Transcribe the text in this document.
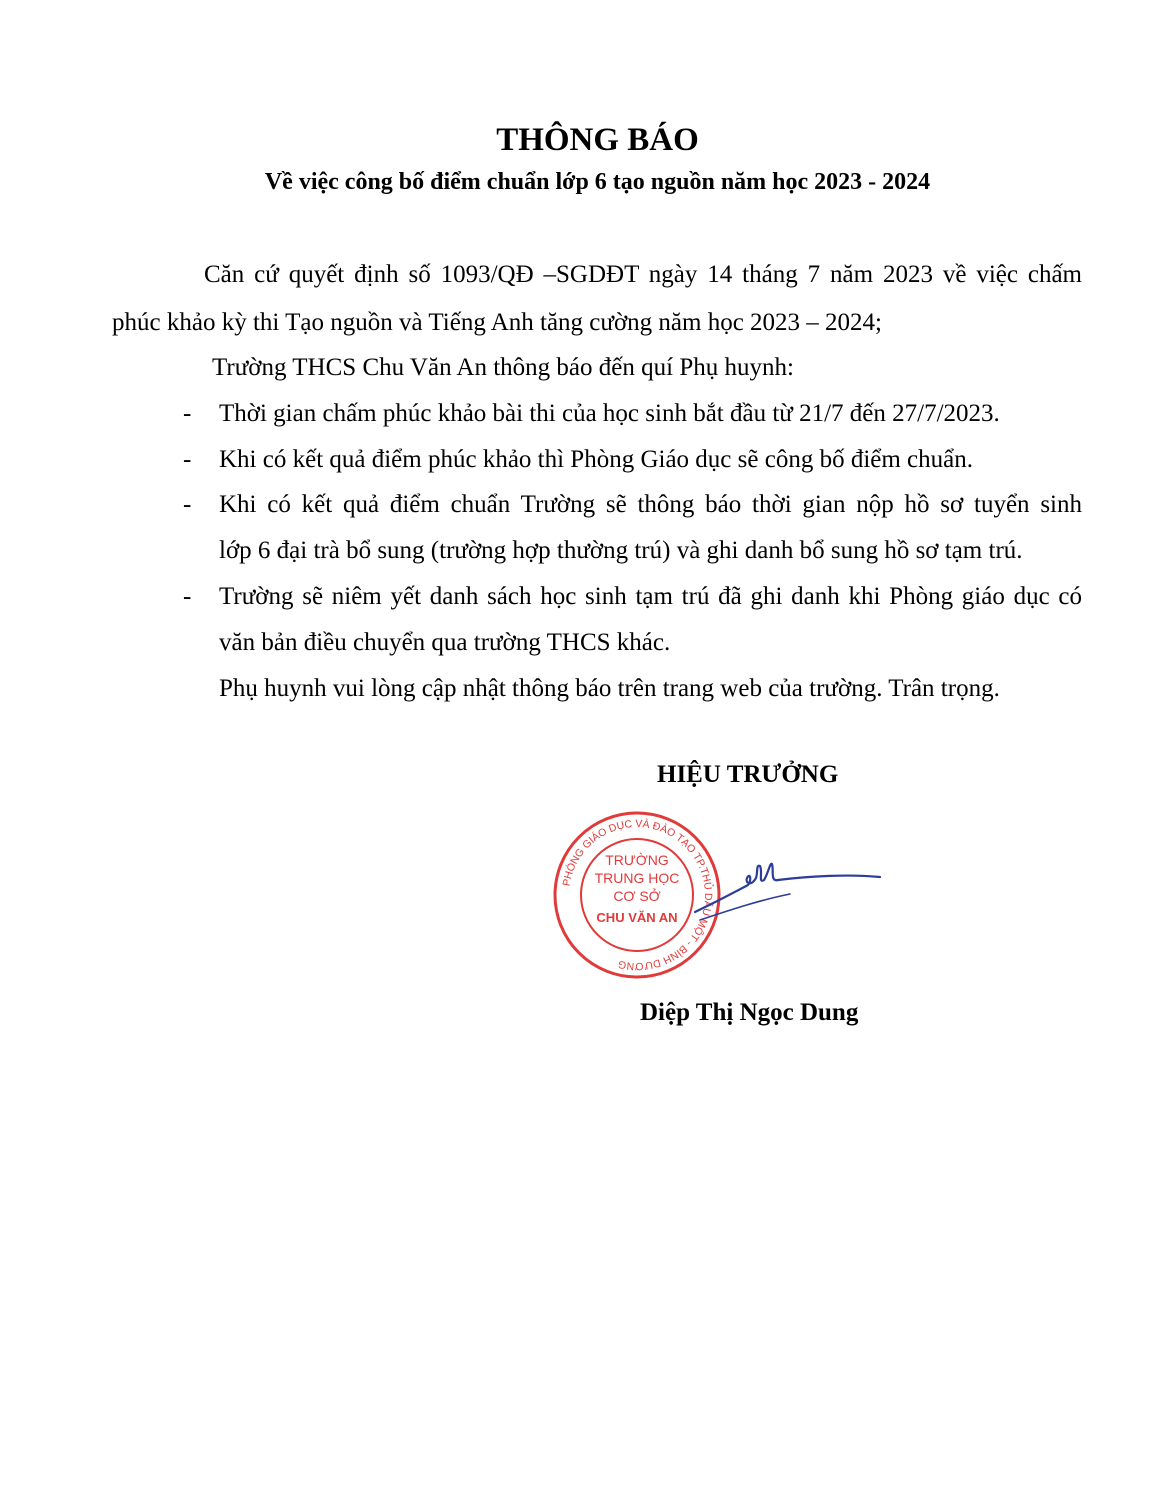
THÔNG BÁO
Về việc công bố điểm chuẩn lớp 6 tạo nguồn năm học 2023 - 2024
Căn cứ quyết định số 1093/QĐ –SGDĐT ngày 14 tháng 7 năm 2023 về việc chấm
phúc khảo kỳ thi Tạo nguồn và Tiếng Anh tăng cường năm học 2023 – 2024;
Trường THCS Chu Văn An thông báo đến quí Phụ huynh:
- Thời gian chấm phúc khảo bài thi của học sinh bắt đầu từ 21/7 đến 27/7/2023.
- Khi có kết quả điểm phúc khảo thì Phòng Giáo dục sẽ công bố điểm chuẩn.
- Khi có kết quả điểm chuẩn Trường sẽ thông báo thời gian nộp hồ sơ tuyển sinh
lớp 6 đại trà bổ sung (trường hợp thường trú) và ghi danh bổ sung hồ sơ tạm trú.
- Trường sẽ niêm yết danh sách học sinh tạm trú đã ghi danh khi Phòng giáo dục có
văn bản điều chuyển qua trường THCS khác.
Phụ huynh vui lòng cập nhật thông báo trên trang web của trường. Trân trọng.
HIỆU TRƯỞNG
PHÒNG GIÁO DỤC VÀ ĐÀO TẠO TP.THỦ DẦU MỘT - BÌNH DƯƠNG
TRƯỜNG
TRUNG HỌC
CƠ SỞ
CHU VĂN AN
Diệp Thị Ngọc Dung
